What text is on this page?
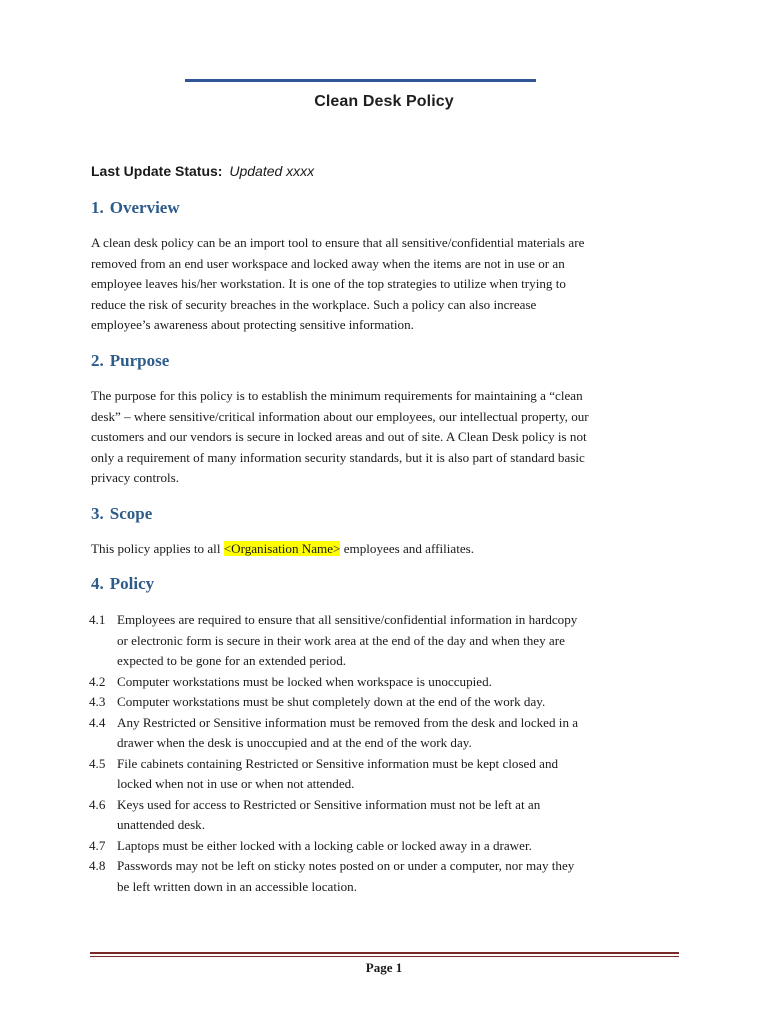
Clean Desk Policy
Last Update Status: Updated xxxx
1. Overview

A clean desk policy can be an import tool to ensure that all sensitive/confidential materials are
removed from an end user workspace and locked away when the items are not in use or an
employee leaves his/her workstation. It is one of the top strategies to utilize when trying to
reduce the risk of security breaches in the workplace. Such a policy can also increase
employee’s awareness about protecting sensitive information.

2. Purpose

The purpose for this policy is to establish the minimum requirements for maintaining a “clean
desk” – where sensitive/critical information about our employees, our intellectual property, our
customers and our vendors is secure in locked areas and out of site. A Clean Desk policy is not
only a requirement of many information security standards, but it is also part of standard basic
privacy controls.

3. Scope

This policy applies to all <Organisation Name> employees and affiliates.

4. Policy
4.1 Employees are required to ensure that all sensitive/confidential information in hardcopy
or electronic form is secure in their work area at the end of the day and when they are
expected to be gone for an extended period.
4.2 Computer workstations must be locked when workspace is unoccupied.
4.3 Computer workstations must be shut completely down at the end of the work day.
4.4 Any Restricted or Sensitive information must be removed from the desk and locked in a
drawer when the desk is unoccupied and at the end of the work day.
4.5 File cabinets containing Restricted or Sensitive information must be kept closed and
locked when not in use or when not attended.
4.6 Keys used for access to Restricted or Sensitive information must not be left at an
unattended desk.
4.7 Laptops must be either locked with a locking cable or locked away in a drawer.
4.8 Passwords may not be left on sticky notes posted on or under a computer, nor may they
be left written down in an accessible location.
Page 1
